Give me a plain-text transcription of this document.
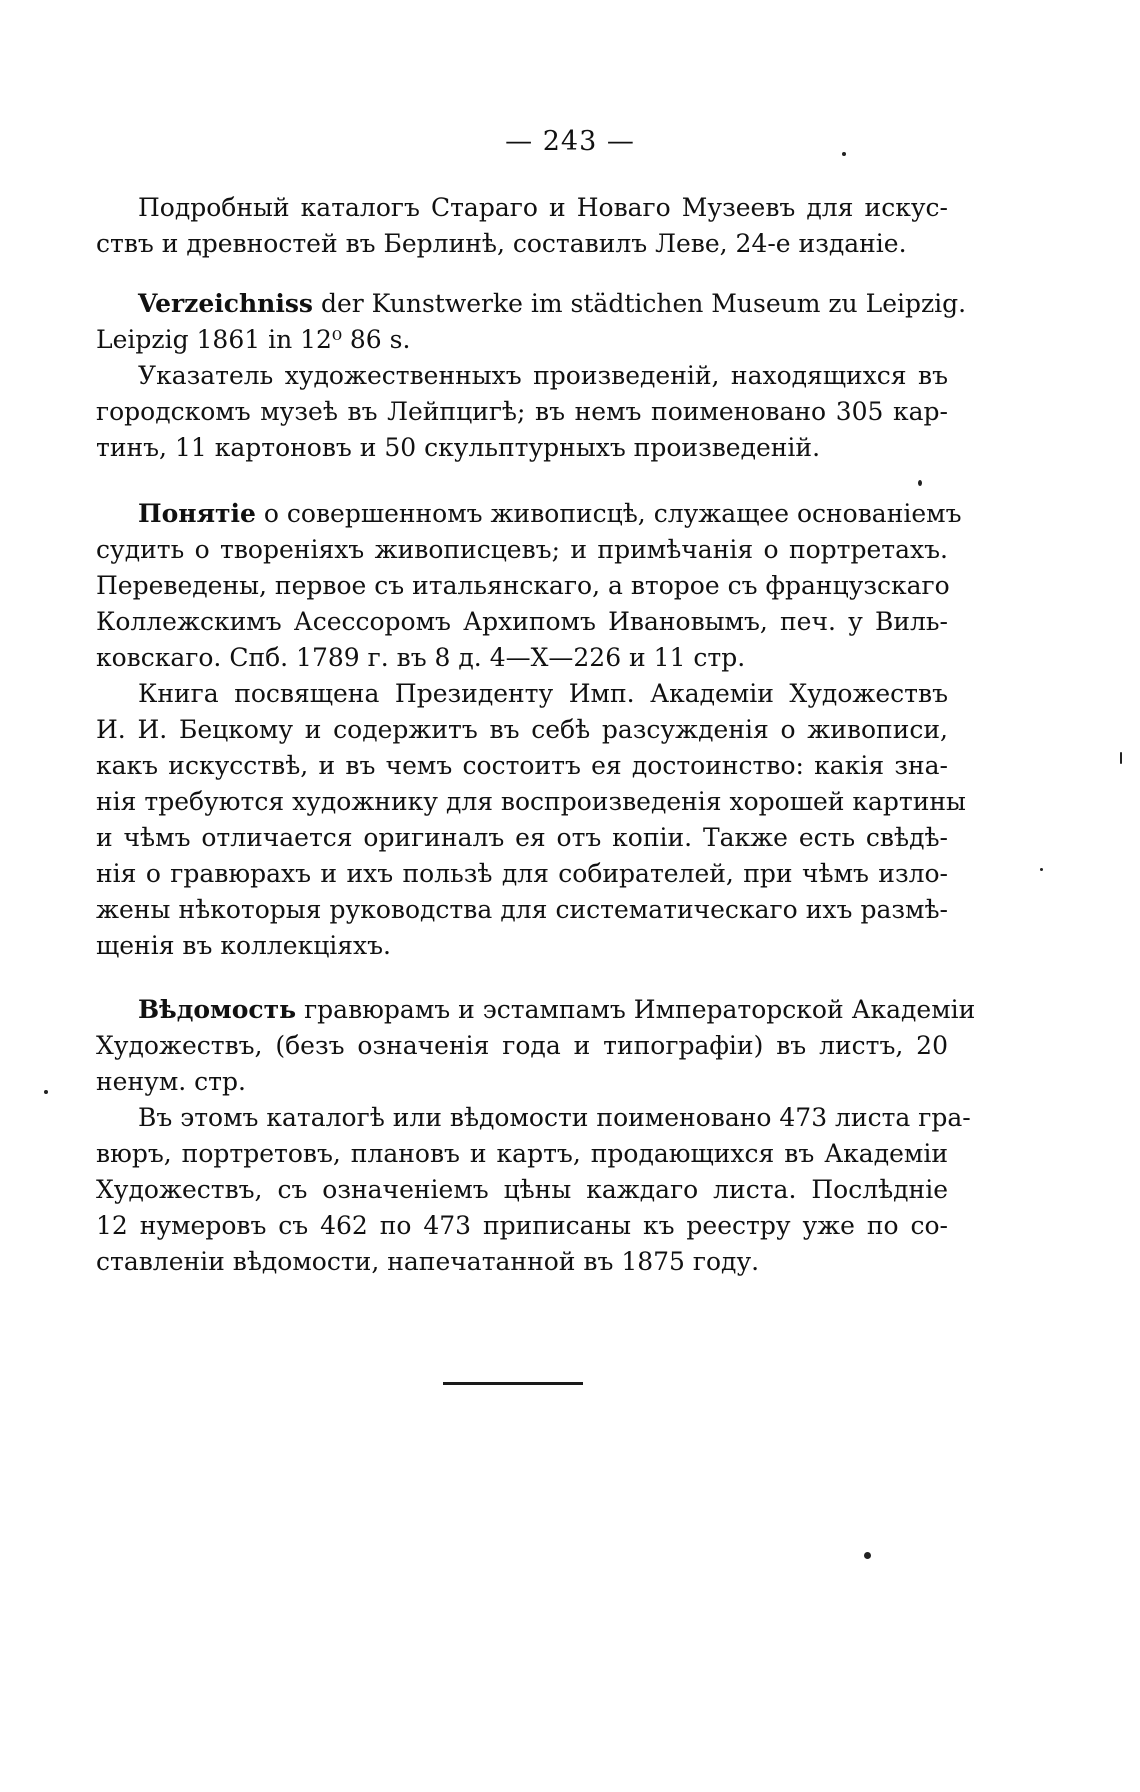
— 243 —
Подробный каталогъ Стараго и Новаго Музеевъ для искус-
ствъ и древностей въ Берлинѣ, составилъ Леве, 24-е изданіе.
Verzeichniss der Kunstwerke im städtichen Museum zu Leipzig.
Leipzig 1861 in 12⁰ 86 s.
Указатель художественныхъ произведеній, находящихся въ
городскомъ музеѣ въ Лейпцигѣ; въ немъ поименовано 305 кар-
тинъ, 11 картоновъ и 50 скульптурныхъ произведеній.
Понятіе о совершенномъ живописцѣ, служащее основаніемъ
судить о твореніяхъ живописцевъ; и примѣчанія о портретахъ.
Переведены, первое съ итальянскаго, а второе съ французскаго
Коллежскимъ Асессоромъ Архипомъ Ивановымъ, печ. у Виль-
ковскаго. Спб. 1789 г. въ 8 д. 4—X—226 и 11 стр.
Книга посвящена Президенту Имп. Академіи Художествъ
И. И. Бецкому и содержитъ въ себѣ разсужденія о живописи,
какъ искусствѣ, и въ чемъ состоитъ ея достоинство: какія зна-
нія требуются художнику для воспроизведенія хорошей картины
и чѣмъ отличается оригиналъ ея отъ копіи. Также есть свѣдѣ-
нія о гравюрахъ и ихъ пользѣ для собирателей, при чѣмъ изло-
жены нѣкоторыя руководства для систематическаго ихъ размѣ-
щенія въ коллекціяхъ.
Вѣдомость гравюрамъ и эстампамъ Императорской Академіи
Художествъ, (безъ означенія года и типографіи) въ листъ, 20
ненум. стр.
Въ этомъ каталогѣ или вѣдомости поименовано 473 листа гра-
вюръ, портретовъ, плановъ и картъ, продающихся въ Академіи
Художествъ, съ означеніемъ цѣны каждаго листа. Послѣдніе
12 нумеровъ съ 462 по 473 приписаны къ реестру уже по со-
ставленіи вѣдомости, напечатанной въ 1875 году.
